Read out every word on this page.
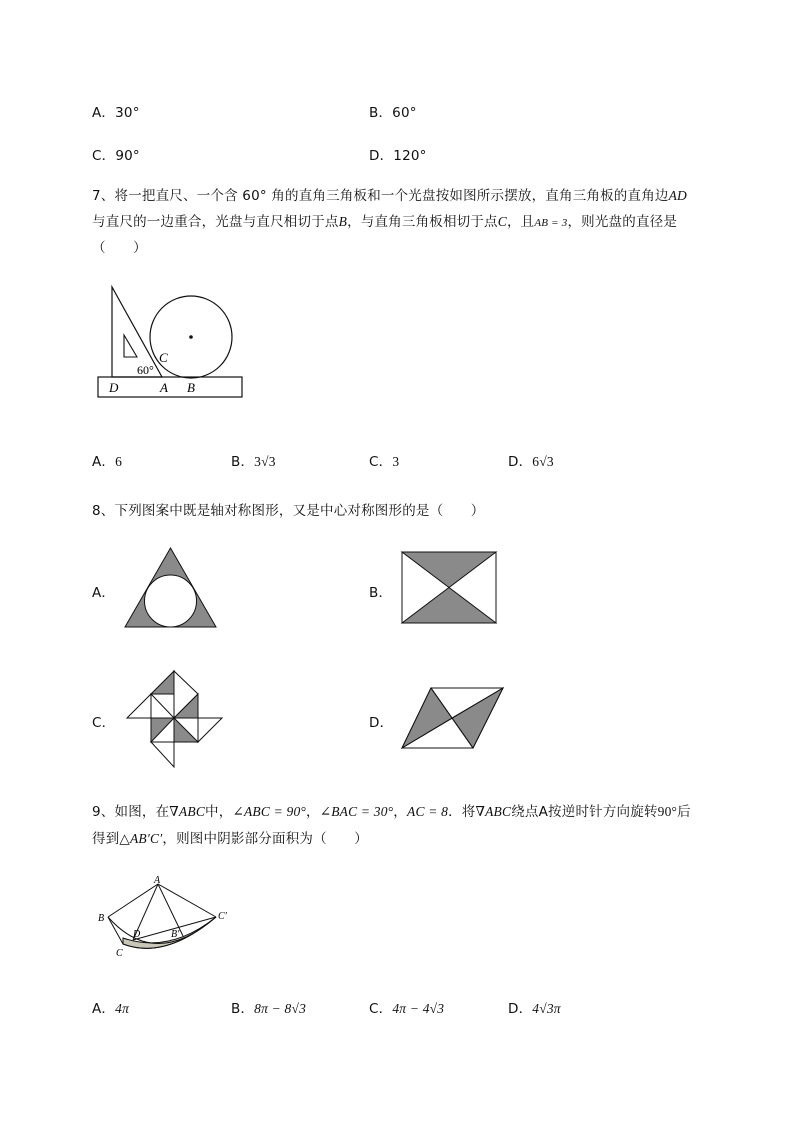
A．30°	B．60°
C．90°	D．120°
7、将一把直尺、一个含 60° 角的直角三角板和一个光盘按如图所示摆放，直角三角板的直角边AD
与直尺的一边重合，光盘与直尺相切于点B，与直角三角板相切于点C，且AB = 3，则光盘的直径是
（　　）
60°
C
D	A B
A．6	B．3√3	C．3	D．6√3
8、下列图案中既是轴对称图形，又是中心对称图形的是（　　）
A．	B．
C．	D．
9、如图，在∇ABC中，∠ABC = 90°，∠BAC = 30°，AC = 8．将∇ABC绕点A按逆时针方向旋转90°后
得到△AB′C′，则图中阴影部分面积为（　　）
A
B
C
D	B′
C′
A．4π	B．8π − 8√3	C．4π − 4√3	D．4√3π
